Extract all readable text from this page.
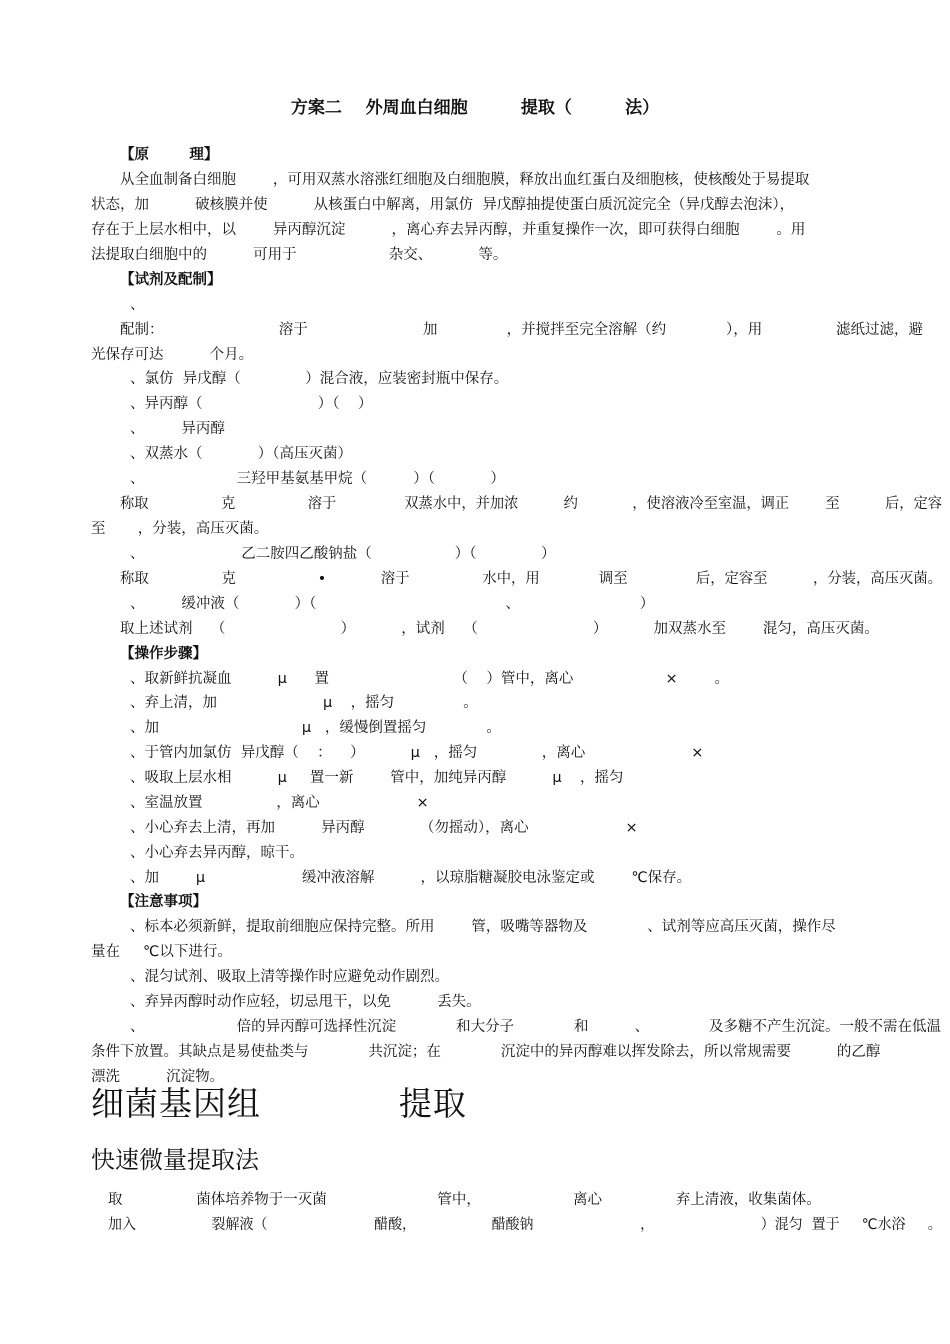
方案二    外周血白细胞         提取（         法）
【原        理】
从全血制备白细胞        ，可用双蒸水溶涨红细胞及白细胞膜，释放出血红蛋白及细胞核，使核酸处于易提取
状态，加          破核膜并使          从核蛋白中解离，用氯仿  异戊醇抽提使蛋白质沉淀完全（异戊醇去泡沫），
存在于上层水相中，以        异丙醇沉淀          ，离心弃去异丙醇，并重复操作一次，即可获得白细胞        。用
法提取白细胞中的          可用于                    杂交、          等。
【试剂及配制】
、
配制：                         溶于                         加               ，并搅拌至完全溶解（约             ），用                滤纸过滤，避
光保存可达          个月。
、氯仿  异戊醇（              ）混合液，应装密封瓶中保存。
、异丙醇（                         ）（    ）
、        异丙醇
、双蒸水（            ）（高压灭菌）
、                    三羟甲基氨基甲烷（          ）（            ）
称取                克                溶于               双蒸水中，并加浓          约            ，使溶液冷至室温，调正        至          后，定容
至       ，分装，高压灭菌。
、                     乙二胺四乙酸钠盐（                  ）（              ）
称取                克                  •            溶于                水中，用             调至               后，定容至          ，分装，高压灭菌。
、        缓冲液（            ）（                                         、                          ）
取上述试剂    （                         ）          ，试剂    （                         ）          加双蒸水至        混匀，高压灭菌。
【操作步骤】
、取新鲜抗凝血          μ      置                           （    ）管中，离心                    ×        。
、弃上清，加                       μ    ，摇匀               。
、加                               μ   ，缓慢倒置摇匀             。
、于管内加氯仿  异戊醇（    ：    ）          μ   ，摇匀              ，离心                       ×
、吸取上层水相          μ     置一新        管中，加纯异丙醇          μ    ，摇匀
、室温放置                ，离心                     ×
、小心弃去上清，再加          异丙醇            （勿摇动），离心                     ×
、小心弃去异丙醇，晾干。
、加        μ                     缓冲液溶解          ，以琼脂糖凝胶电泳鉴定或        ℃保存。
【注意事项】
、标本必须新鲜，提取前细胞应保持完整。所用        管，吸嘴等器物及             、试剂等应高压灭菌，操作尽
量在     ℃以下进行。
、混匀试剂、吸取上清等操作时应避免动作剧烈。
、弃异丙醇时动作应轻，切忌甩干，以免          丢失。
、                    倍的异丙醇可选择性沉淀             和大分子             和          、             及多糖不产生沉淀。一般不需在低温
条件下放置。其缺点是易使盐类与             共沉淀；在             沉淀中的异丙醇难以挥发除去，所以常规需要          的乙醇
漂洗          沉淀物。
细菌基因组            提取
快速微量提取法
取                菌体培养物于一灭菌                        管中，                    离心                弃上清液，收集菌体。
加入                 裂解液（                        醋酸，                 醋酸钠                        ，                        ）混匀  置于     ℃水浴     。
